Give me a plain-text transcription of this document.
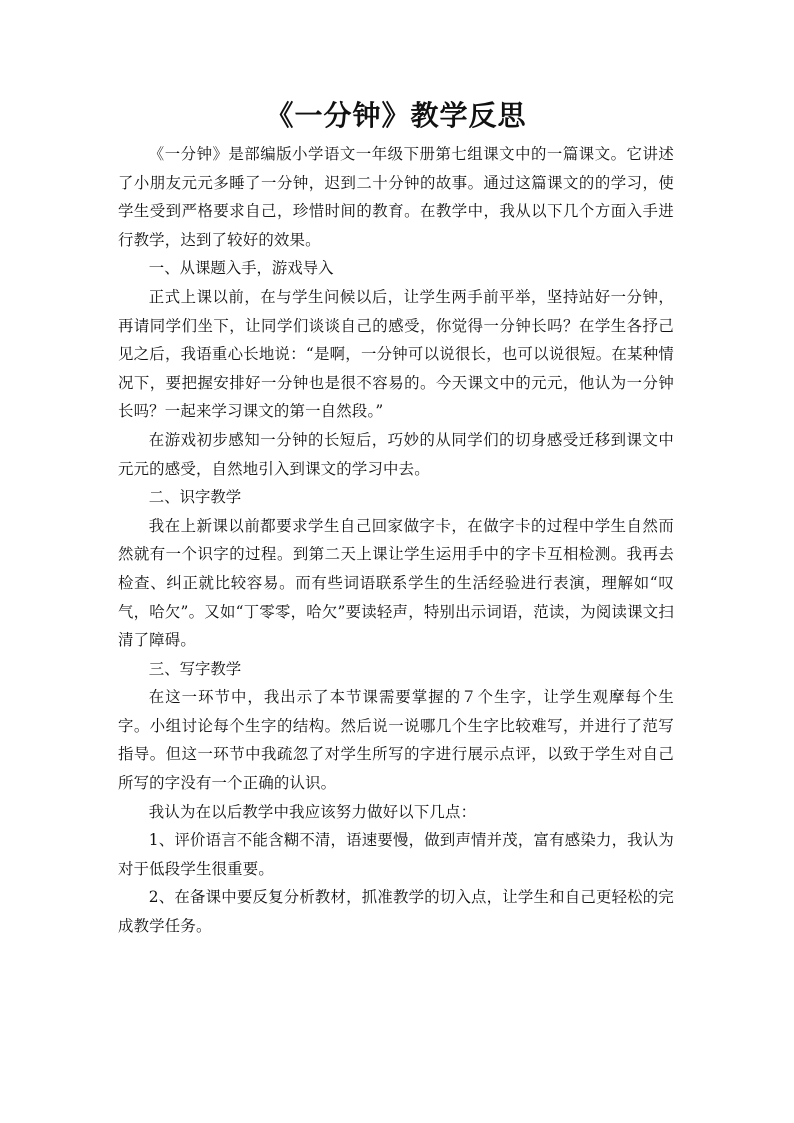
《一分钟》教学反思

《一分钟》是部编版小学语文一年级下册第七组课文中的一篇课文。它讲述了小朋友元元多睡了一分钟，迟到二十分钟的故事。通过这篇课文的的学习，使学生受到严格要求自己，珍惜时间的教育。在教学中，我从以下几个方面入手进行教学，达到了较好的效果。

一、从课题入手，游戏导入

正式上课以前，在与学生问候以后，让学生两手前平举，坚持站好一分钟，再请同学们坐下，让同学们谈谈自己的感受，你觉得一分钟长吗？在学生各抒己见之后，我语重心长地说：“是啊，一分钟可以说很长，也可以说很短。在某种情况下，要把握安排好一分钟也是很不容易的。今天课文中的元元，他认为一分钟长吗？一起来学习课文的第一自然段。”

在游戏初步感知一分钟的长短后，巧妙的从同学们的切身感受迁移到课文中元元的感受，自然地引入到课文的学习中去。

二、识字教学

我在上新课以前都要求学生自己回家做字卡，在做字卡的过程中学生自然而然就有一个识字的过程。到第二天上课让学生运用手中的字卡互相检测。我再去检查、纠正就比较容易。而有些词语联系学生的生活经验进行表演，理解如“叹气，哈欠”。又如“丁零零，哈欠”要读轻声，特别出示词语，范读，为阅读课文扫清了障碍。

三、写字教学

在这一环节中，我出示了本节课需要掌握的７个生字，让学生观摩每个生字。小组讨论每个生字的结构。然后说一说哪几个生字比较难写，并进行了范写指导。但这一环节中我疏忽了对学生所写的字进行展示点评，以致于学生对自己所写的字没有一个正确的认识。

我认为在以后教学中我应该努力做好以下几点：

1、评价语言不能含糊不清，语速要慢，做到声情并茂，富有感染力，我认为对于低段学生很重要。

2、在备课中要反复分析教材，抓准教学的切入点，让学生和自己更轻松的完成教学任务。
